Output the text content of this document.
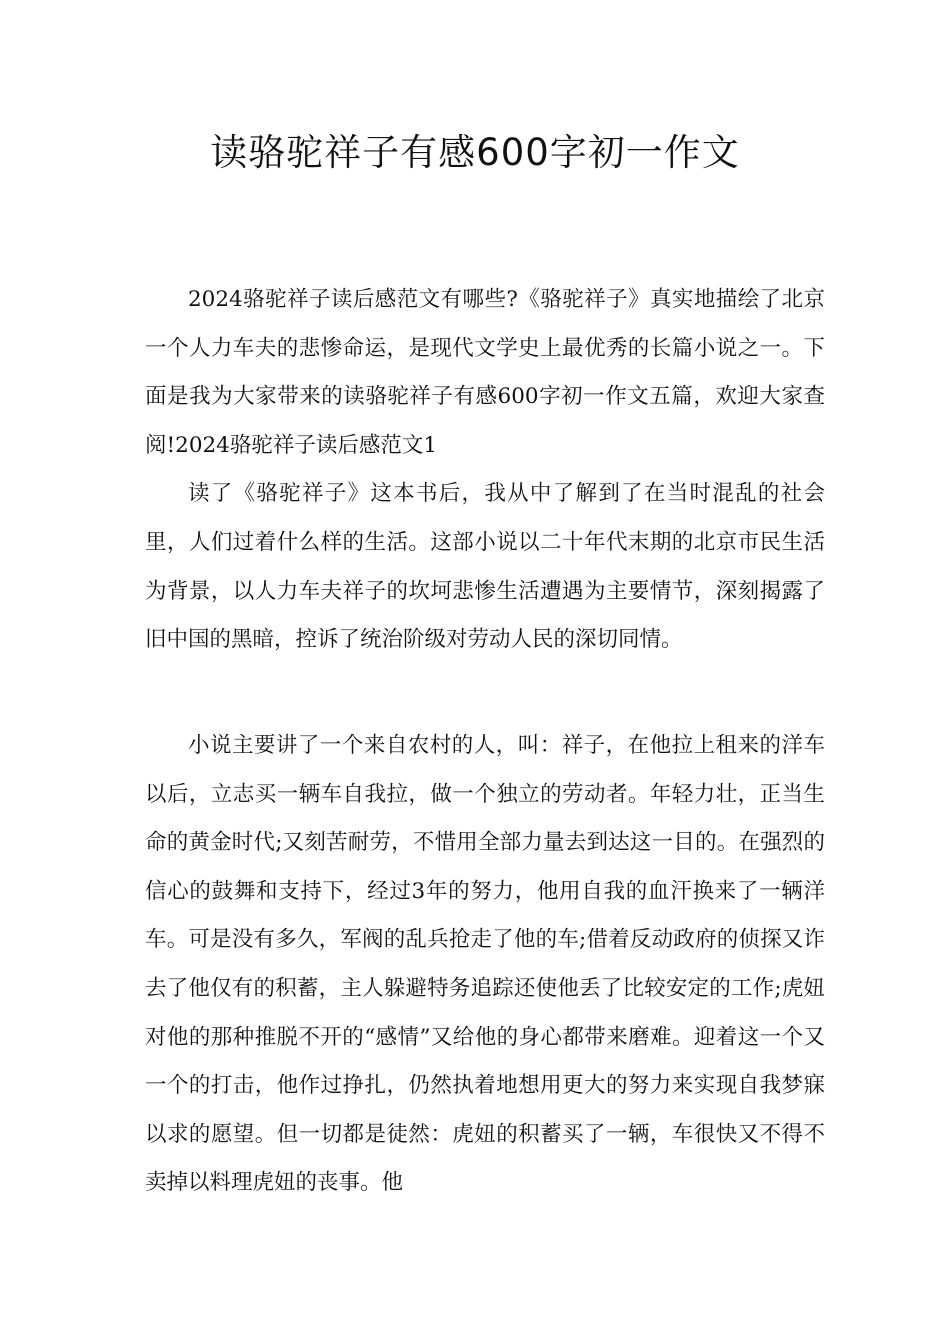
读骆驼祥子有感600字初一作文

2024骆驼祥子读后感范文有哪些?《骆驼祥子》真实地描绘了北京一个人力车夫的悲惨命运，是现代文学史上最优秀的长篇小说之一。下面是我为大家带来的读骆驼祥子有感600字初一作文五篇，欢迎大家查阅!2024骆驼祥子读后感范文1

读了《骆驼祥子》这本书后，我从中了解到了在当时混乱的社会里，人们过着什么样的生活。这部小说以二十年代末期的北京市民生活为背景，以人力车夫祥子的坎坷悲惨生活遭遇为主要情节，深刻揭露了旧中国的黑暗，控诉了统治阶级对劳动人民的深切同情。

小说主要讲了一个来自农村的人，叫：祥子，在他拉上租来的洋车以后，立志买一辆车自我拉，做一个独立的劳动者。年轻力壮，正当生命的黄金时代;又刻苦耐劳，不惜用全部力量去到达这一目的。在强烈的信心的鼓舞和支持下，经过3年的努力，他用自我的血汗换来了一辆洋车。可是没有多久，军阀的乱兵抢走了他的车;借着反动政府的侦探又诈去了他仅有的积蓄，主人躲避特务追踪还使他丢了比较安定的工作;虎妞对他的那种推脱不开的“感情”又给他的身心都带来磨难。迎着这一个又一个的打击，他作过挣扎，仍然执着地想用更大的努力来实现自我梦寐以求的愿望。但一切都是徒然：虎妞的积蓄买了一辆，车很快又不得不卖掉以料理虎妞的丧事。他
